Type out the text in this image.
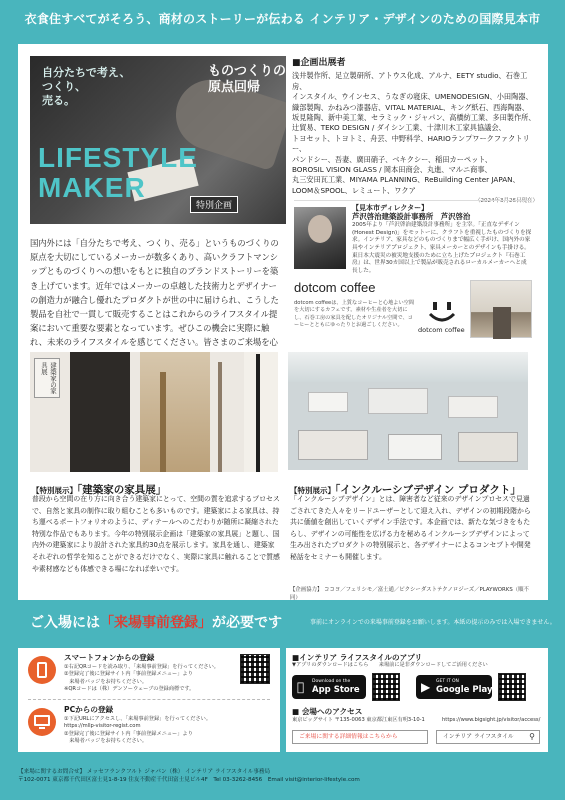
衣食住すべてがそろう、商材のストーリーが伝わる インテリア・デザインのための国際見本市
自分たちで考え、
つくり、
売る。
ものつくりの
原点回帰
LIFESTYLE
MAKER
特別企画
■企画出展者
浅井製作所、足立製研所、アトウス化成、アルナ、EETY studio、石巻工房、
インスタイル、ウインセス、うなぎの寝床、UMENODESIGN、小田陶器、
織部製陶、かねみつ漆器店、VITAL MATERIAL、キング紙石、西海陶器、
坂見隆陶、新中美工業、セラミック・ジャパン、高橋紡工業、多田製作所、
辻貿易、TEKO DESIGN / ダイシン工業、十津川木工家具協議会、
トヨセット、トヨトミ、舟芸、中野科学、HARIOランプワークファクトリー、
パンドシー、吾妻、廣田硝子、ベキクシー、稲田カーペット、
BOROSIL VISION GLASS / 岡本田商会、丸進、マルニ商事、
丸三安田瓦工業、MIYAMA PLANNING、ReBuilding Center JAPAN、
LOOM＆SPOOL、レミュート、ワクア
（2024年3月26日現在）
国内外には「自分たちで考え、つくり、売る」というものづくりの原点を大切にしているメーカーが数多くあり、高いクラフトマンシップとものづくりへの想いをもとに独自のブランドストーリーを築き上げています。近年ではメーカーの卓越した技術力とデザイナーの創造力が融合し優れたプロダクトが世の中に届けられ、こうした製品を自社で一貫して販売することはこれからのライフスタイル提案において重要な要素となっています。ぜひこの機会に実際に触れ、未来のライフスタイルを感じてください。皆さまのご来場を心
【見本市ディレクター】
芦沢啓治建築設計事務所　芦沢啓治
2005年より「芦沢啓治建築設計事務所」を主宰。「正直なデザイン(Honest Design)」をモットーに、クラフトを重視したものづくりを探求。インテリア、家具などのものづくりまで幅広く手がけ、国内外の家具やインテリアプロジェクト、家具メーカーとのデザインも手掛ける。東日本大震災の被災地支援のために立ち上げたプロジェクト『石巻工房』は、世界30カ国以上で製品が販売されるローカルメーカーへと成長した。
dotcom coffee
dotcom coffeeは、上質なコーヒーと心地よい空間を大切にするカフェです。素材や生産者を大切にし、石巻工房の家具を配したオリジナル空間で、コーヒーとともにゆったりとお過ごしください。
dotcom coffee
建築家の家具展
【特別展示】「建築家の家具展」
普段から空間の在り方に向き合う建築家にとって、空間の質を追求するプロセスで、自然と家具の制作に取り組むことも多いものです。建築家による家具は、持ち運べるポートフォリオのように、ディテールへのこだわりが随所に凝縮された特別な作品でもあります。今年の特別展示企画は「建築家の家具展」と題し、国内外の建築家により設計された家具約30点を展示します。家具を通し、建築家それぞれの哲学を知ることができるだけでなく、実際に家具に触れることで質感や素材感なども体感できる場になれば幸いです。
【特別展示】「インクルーシブデザイン プロダクト」
「インクルーシブデザイン」とは、障害者など従来のデザインプロセスで見過ごされてきた人々をリードユーザーとして迎え入れ、デザインの初期段階から共に価値を創出していくデザイン手法です。本企画では、新たな気づきをもたらし、デザインの可能性を広げる力を秘めるインクルーシブデザインによって生み出されたプロダクトの特別展示と、各デザイナーによるコンセプトや開発秘話をセミナーも開催します。
【企画協力】 ココヨ／フェリシモ／富士通／ピクシーダストテクノロジーズ／PLAYWORKS（順不同）
ご入場には「来場事前登録」が必要です	事前にオンラインでの来場事前登録をお願いします。本紙の提示のみでは入場できません。
スマートフォンからの登録
①右記QRコードを読み取り、「来場事前登録」を行ってください。
②登録完了後に登録サイト内「事前登録メニュー」より
　来場者バッジをお持ちください。
※QRコードは（株）デンソーウェーブの登録商標です。
PCからの登録
①下記URLにアクセスし、「来場事前登録」を行ってください。
https://mllp-visitor-regist.com
②登録完了後に登録サイト内「事前登録メニュー」より
　来場者バッジをお持ちください。
■インテリア ライフスタイルのアプリ
▼アプリのダウンロードはこちら　　来場前に是非ダウンロードしてご活用ください
Download on the
App Store	▶	GET IT ON
Google Play
■ 会場へのアクセス
東京ビッグサイト 〒135-0063 東京都江東区有明3-10-1	https://www.bigsight.jp/visitor/access/
ご来場に関する詳細情報はこちらから	インテリア ライフスタイル ⚲
【来場に関するお問合せ】 メッセフランクフルト ジャパン（株） インテリア ライフスタイル事務局
〒102-0071 東京都千代田区富士見1-8-19 住友不動産千代田富士見ビル4F　Tel 03-3262-8456　Email visit@interior-lifestyle.com
